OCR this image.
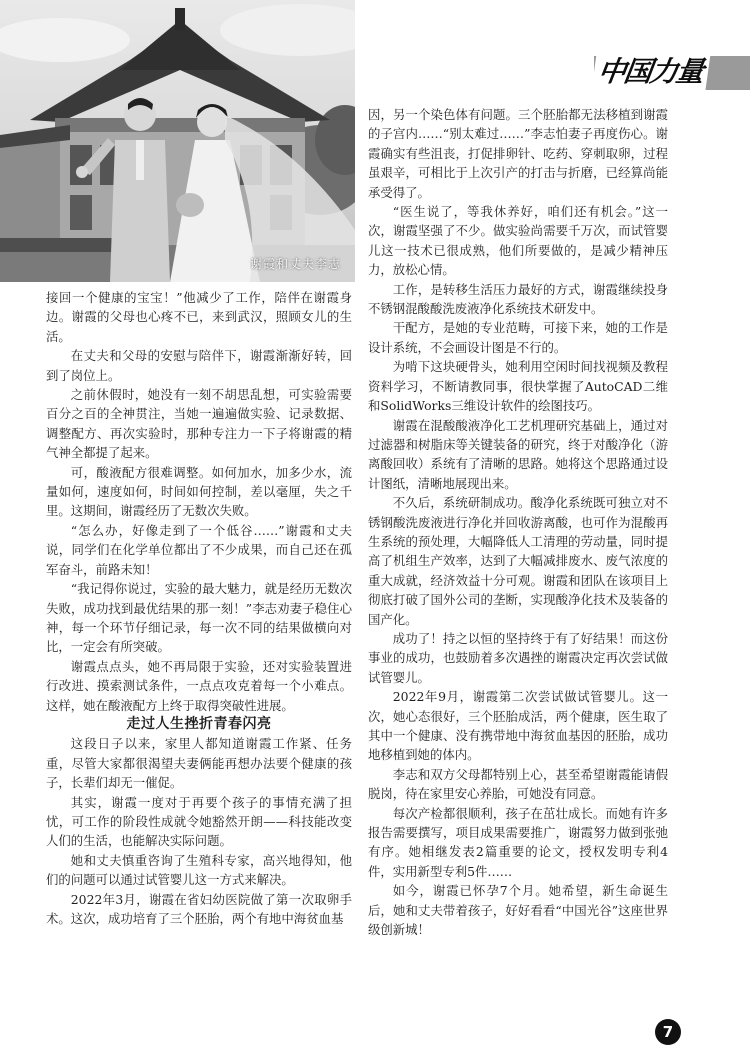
谢霞和丈夫李志
中国力量

接回一个健康的宝宝！”他减少了工作，陪伴在谢霞身边。谢霞的父母也心疼不已，来到武汉，照顾女儿的生活。

在丈夫和父母的安慰与陪伴下，谢霞渐渐好转，回到了岗位上。

之前休假时，她没有一刻不胡思乱想，可实验需要百分之百的全神贯注，当她一遍遍做实验、记录数据、调整配方、再次实验时，那种专注力一下子将谢霞的精气神全都提了起来。

可，酸液配方很难调整。如何加水，加多少水，流量如何，速度如何，时间如何控制，差以毫厘，失之千里。这期间，谢霞经历了无数次失败。

“怎么办，好像走到了一个低谷……”谢霞和丈夫说，同学们在化学单位都出了不少成果，而自己还在孤军奋斗，前路未知！

“我记得你说过，实验的最大魅力，就是经历无数次失败，成功找到最优结果的那一刻！”李志劝妻子稳住心神，每一个环节仔细记录，每一次不同的结果做横向对比，一定会有所突破。

谢霞点点头，她不再局限于实验，还对实验装置进行改进、摸索测试条件，一点点攻克着每一个小难点。这样，她在酸液配方上终于取得突破性进展。

走过人生挫折青春闪亮

这段日子以来，家里人都知道谢霞工作紧、任务重，尽管大家都很渴望夫妻俩能再想办法要个健康的孩子，长辈们却无一催促。

其实，谢霞一度对于再要个孩子的事情充满了担忧，可工作的阶段性成就令她豁然开朗——科技能改变人们的生活，也能解决实际问题。

她和丈夫慎重咨询了生殖科专家，高兴地得知，他们的问题可以通过试管婴儿这一方式来解决。

2022年3月，谢霞在省妇幼医院做了第一次取卵手术。这次，成功培育了三个胚胎，两个有地中海贫血基

因，另一个染色体有问题。三个胚胎都无法移植到谢霞的子宫内……“别太难过……”李志怕妻子再度伤心。谢霞确实有些沮丧，打促排卵针、吃药、穿刺取卵，过程虽艰辛，可相比于上次引产的打击与折磨，已经算尚能承受得了。

“医生说了，等我休养好，咱们还有机会。”这一次，谢霞坚强了不少。做实验尚需要千万次，而试管婴儿这一技术已很成熟，他们所要做的，是减少精神压力，放松心情。

工作，是转移生活压力最好的方式，谢霞继续投身不锈钢混酸酸洗废液净化系统技术研发中。

干配方，是她的专业范畴，可接下来，她的工作是设计系统，不会画设计图是不行的。

为啃下这块硬骨头，她利用空闲时间找视频及教程资料学习，不断请教同事，很快掌握了AutoCAD二维和SolidWorks三维设计软件的绘图技巧。

谢霞在混酸酸液净化工艺机理研究基础上，通过对过滤器和树脂床等关键装备的研究，终于对酸净化（游离酸回收）系统有了清晰的思路。她将这个思路通过设计图纸，清晰地展现出来。

不久后，系统研制成功。酸净化系统既可独立对不锈钢酸洗废液进行净化并回收游离酸，也可作为混酸再生系统的预处理，大幅降低人工清理的劳动量，同时提高了机组生产效率，达到了大幅减排废水、废气浓度的重大成就，经济效益十分可观。谢霞和团队在该项目上彻底打破了国外公司的垄断，实现酸净化技术及装备的国产化。

成功了！持之以恒的坚持终于有了好结果！而这份事业的成功，也鼓励着多次遇挫的谢霞决定再次尝试做试管婴儿。

2022年9月，谢霞第二次尝试做试管婴儿。这一次，她心态很好，三个胚胎成活，两个健康，医生取了其中一个健康、没有携带地中海贫血基因的胚胎，成功地移植到她的体内。

李志和双方父母都特别上心，甚至希望谢霞能请假脱岗，待在家里安心养胎，可她没有同意。

每次产检都很顺利，孩子在茁壮成长。而她有许多报告需要撰写，项目成果需要推广，谢霞努力做到张弛有序。她相继发表2篇重要的论文，授权发明专利4件，实用新型专利5件……

如今，谢霞已怀孕7个月。她希望，新生命诞生后，她和丈夫带着孩子，好好看看“中国光谷”这座世界级创新城！

7
